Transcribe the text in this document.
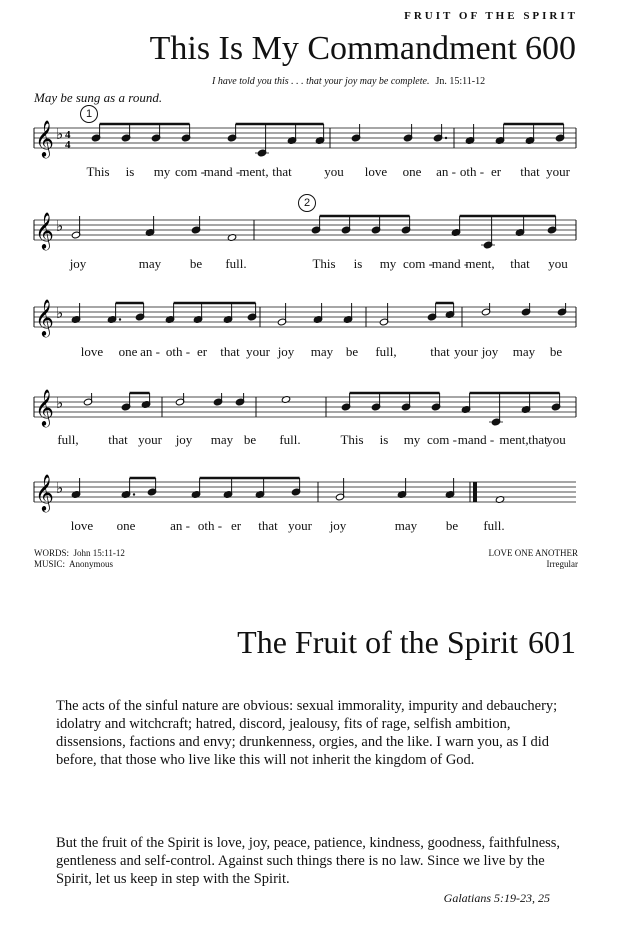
FRUIT OF THE SPIRIT
This Is My Commandment 600
I have told you this . . . that your joy may be complete. Jn. 15:11-12
May be sung as a round.
1
2
𝄞 ♭ 4
4
This is my com -
mand - ment, that	you love one an - oth - er that your
𝄞 ♭
joy	may be full.	This is my com -
mand -
ment, that you
𝄞 ♭
love one an - oth - er that your joy may be full,	that your joy may be
𝄞 ♭
full, that your joy may be full.	This is my com - mand - ment, that
you
𝄞 ♭
love one	an - oth - er that your joy	may be full.
WORDS:  John 15:11-12
MUSIC:  Anonymous
LOVE ONE ANOTHER
Irregular
The Fruit of the Spirit 601

The acts of the sinful nature are obvious: sexual immorality, impurity and debauchery; idolatry and witchcraft; hatred, discord, jealousy, fits of rage, selfish ambition, dissensions, factions and envy; drunkenness, orgies, and the like. I warn you, as I did before, that those who live like this will not inherit the kingdom of God.

But the fruit of the Spirit is love, joy, peace, patience, kindness, goodness, faithfulness, gentleness and self-control. Against such things there is no law. Since we live by the Spirit, let us keep in step with the Spirit.

Galatians 5:19-23, 25
